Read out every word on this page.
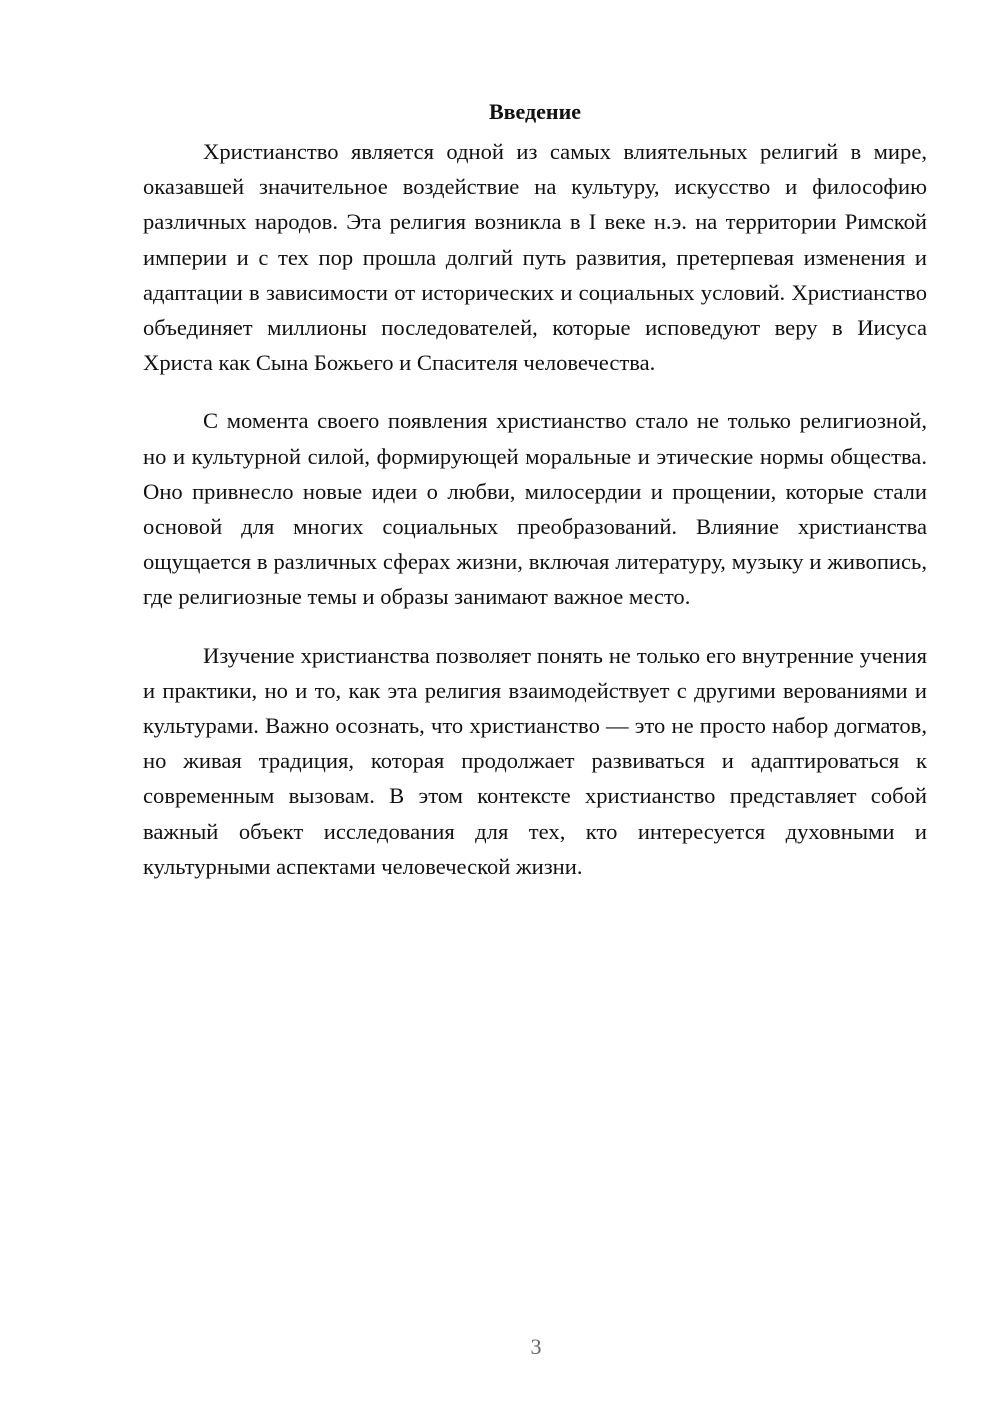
Введение

Христианство является одной из самых влиятельных религий в мире, оказавшей значительное воздействие на культуру, искусство и философию различных народов. Эта религия возникла в I веке н.э. на территории Римской империи и с тех пор прошла долгий путь развития, претерпевая изменения и адаптации в зависимости от исторических и социальных условий. Христианство объединяет миллионы последователей, которые исповедуют веру в Иисуса Христа как Сына Божьего и Спасителя человечества.

С момента своего появления христианство стало не только религиозной, но и культурной силой, формирующей моральные и этические нормы общества. Оно привнесло новые идеи о любви, милосердии и прощении, которые стали основой для многих социальных преобразований. Влияние христианства ощущается в различных сферах жизни, включая литературу, музыку и живопись, где религиозные темы и образы занимают важное место.

Изучение христианства позволяет понять не только его внутренние учения и практики, но и то, как эта религия взаимодействует с другими верованиями и культурами. Важно осознать, что христианство — это не просто набор догматов, но живая традиция, которая продолжает развиваться и адаптироваться к современным вызовам. В этом контексте христианство представляет собой важный объект исследования для тех, кто интересуется духовными и культурными аспектами человеческой жизни.

3
